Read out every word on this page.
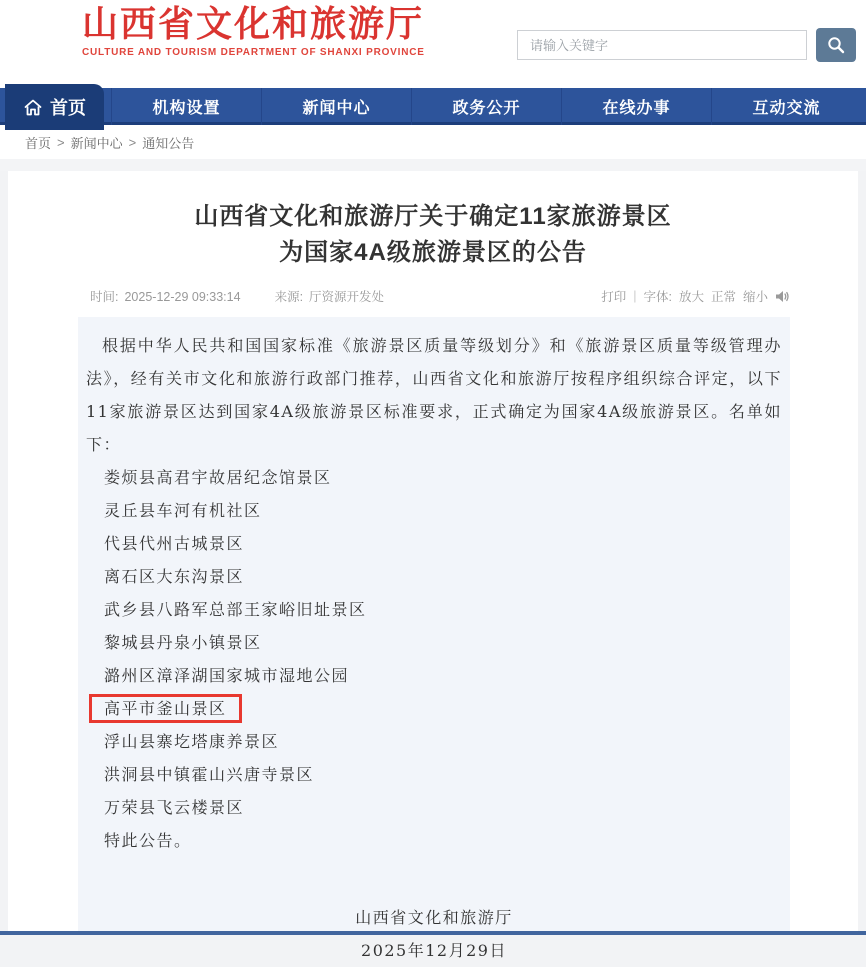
山西省文化和旅游厅
CULTURE AND TOURISM DEPARTMENT OF SHANXI PROVINCE
请输入关键字
首页	机构设置	新闻中心	政务公开	在线办事	互动交流
首页 > 新闻中心 > 通知公告
山西省文化和旅游厅关于确定11家旅游景区
为国家4A级旅游景区的公告
时间: 2025-12-29 09:33:14	来源: 厅资源开发处	打印 | 字体: 放大 正常 缩小

根据中华人民共和国国家标准《旅游景区质量等级划分》和《旅游景区质量等级管理办法》，经有关市文化和旅游行政部门推荐，山西省文化和旅游厅按程序组织综合评定，以下11家旅游景区达到国家4A级旅游景区标准要求，正式确定为国家4A级旅游景区。名单如下：

娄烦县高君宇故居纪念馆景区
灵丘县车河有机社区
代县代州古城景区
离石区大东沟景区
武乡县八路军总部王家峪旧址景区
黎城县丹泉小镇景区
潞州区漳泽湖国家城市湿地公园
高平市釜山景区
浮山县寨圪塔康养景区
洪洞县中镇霍山兴唐寺景区
万荣县飞云楼景区
特此公告。
山西省文化和旅游厅
2025年12月29日
